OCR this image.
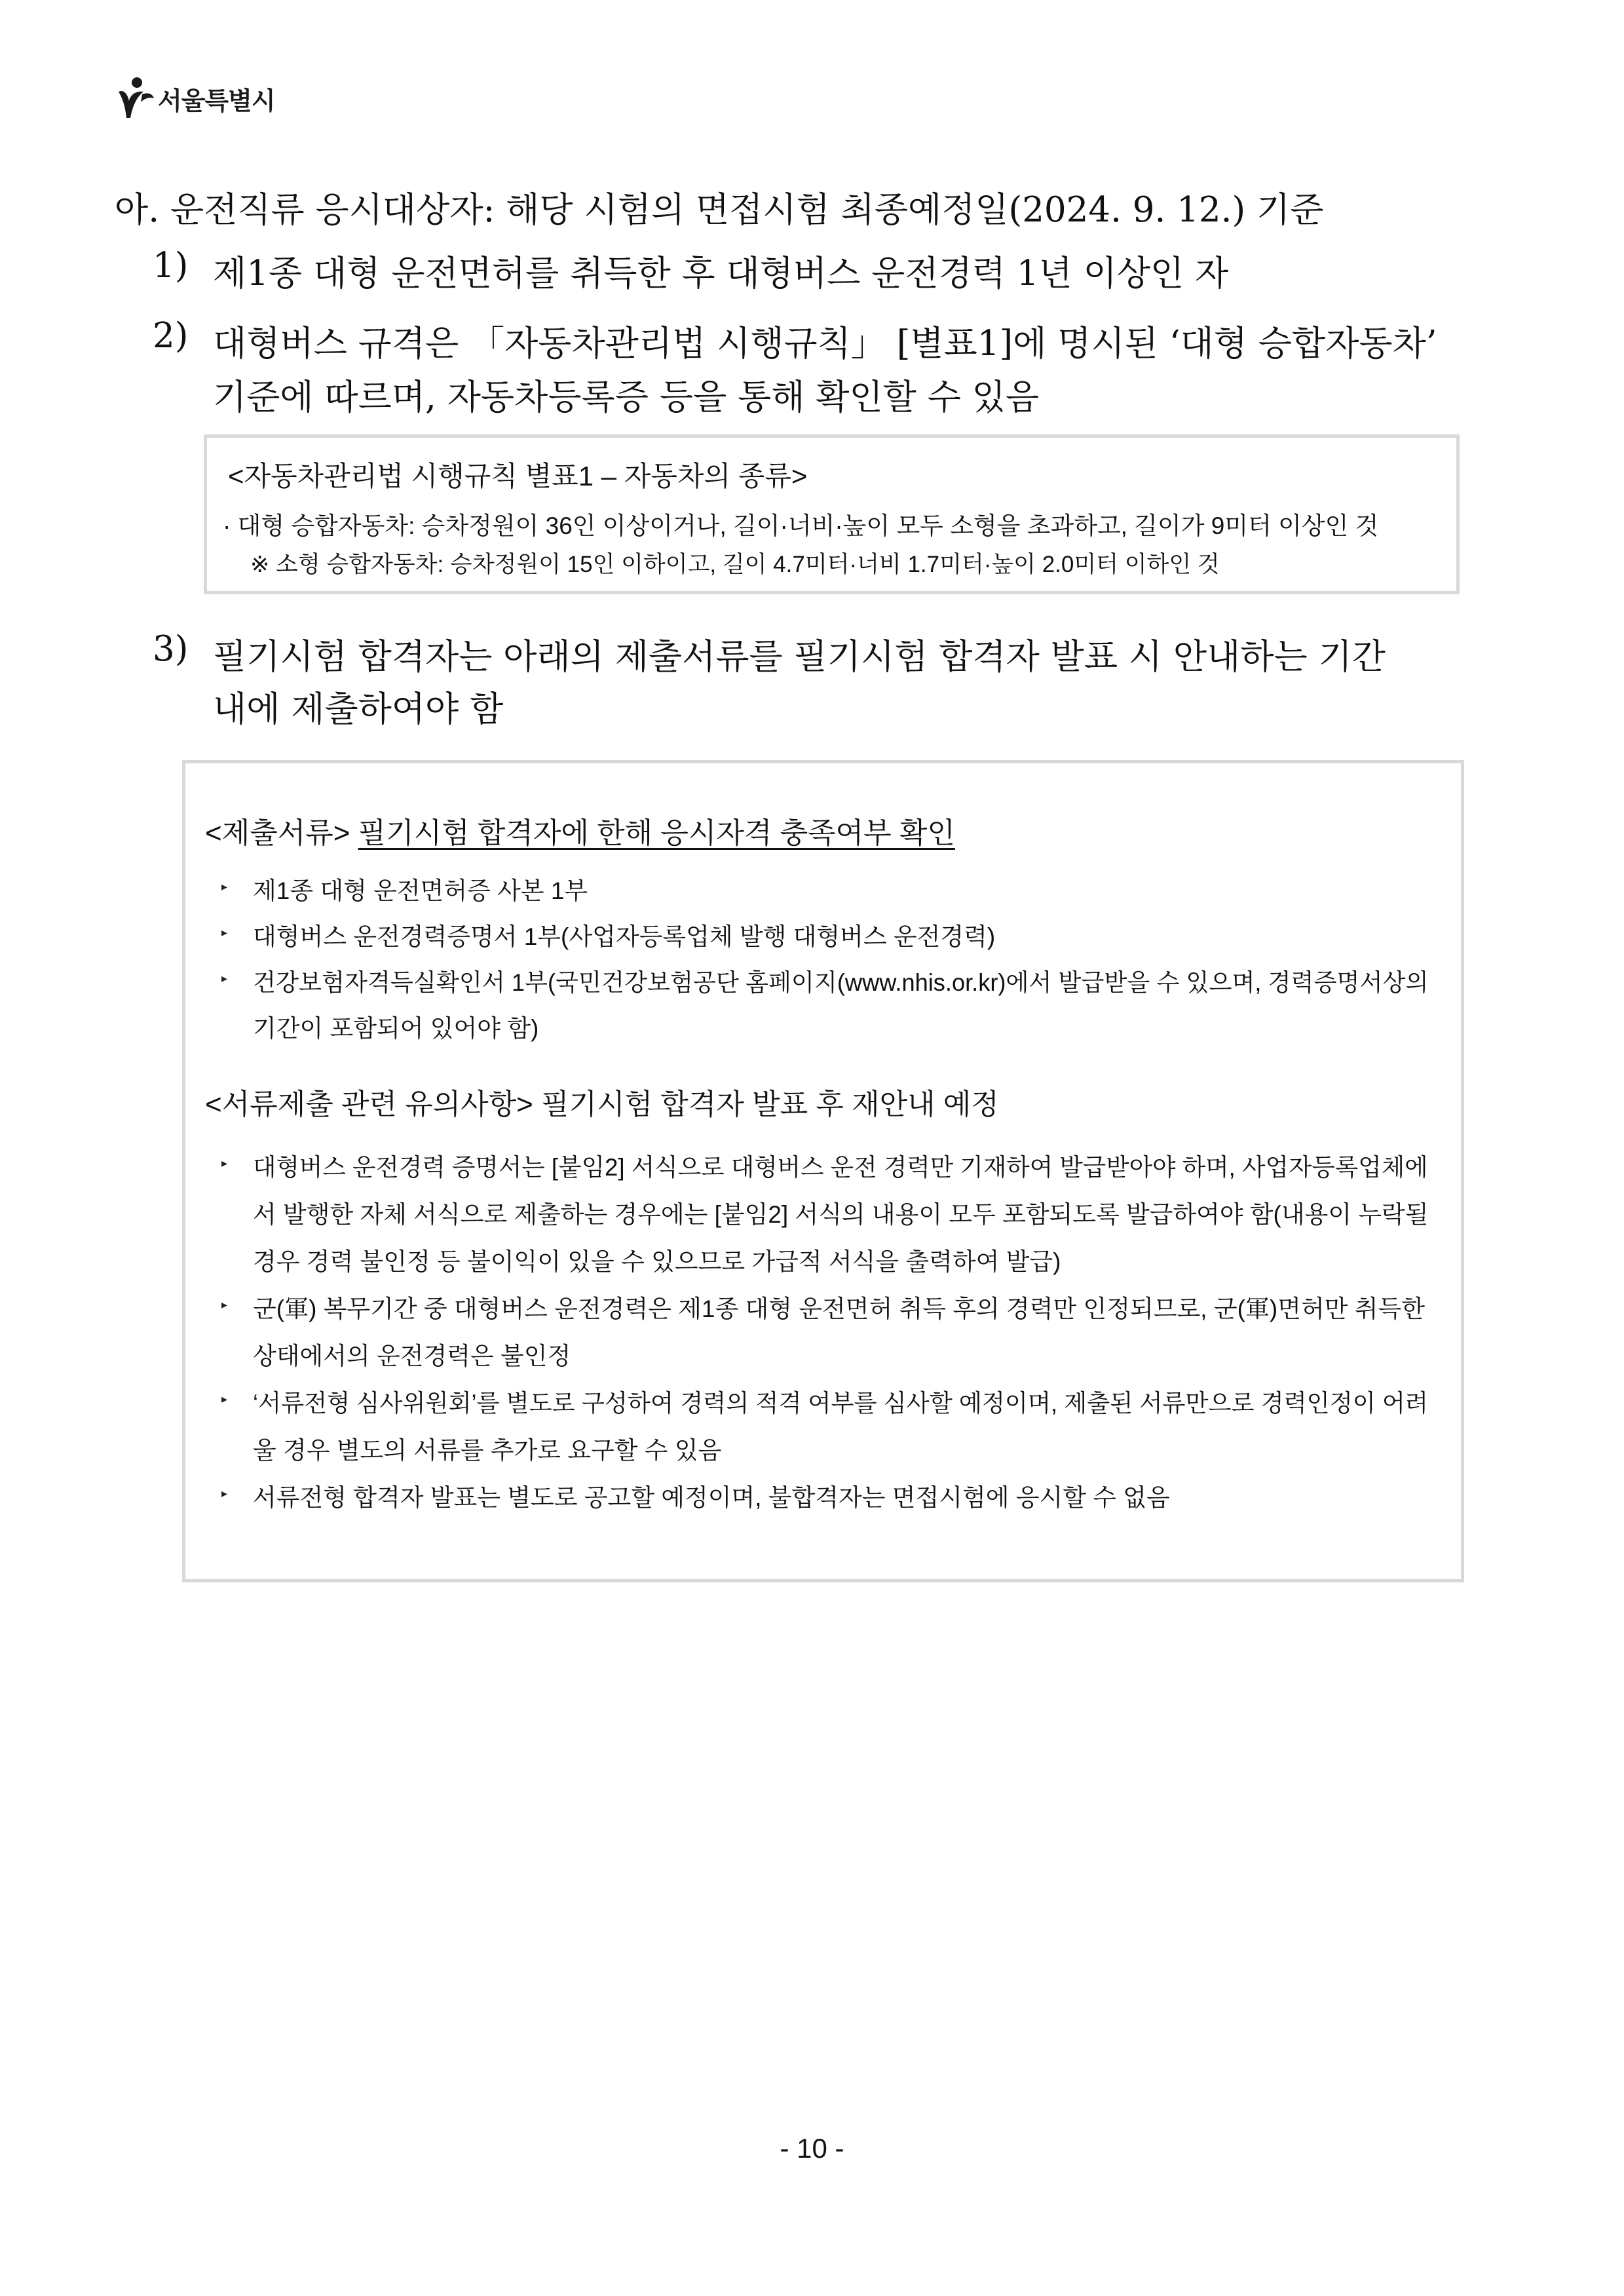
서울특별시
아. 운전직류 응시대상자: 해당 시험의 면접시험 최종예정일(2024. 9. 12.) 기준
1) 제1종 대형 운전면허를 취득한 후 대형버스 운전경력 1년 이상인 자
2) 대형버스 규격은 「자동차관리법 시행규칙」 [별표1]에 명시된 ‘대형 승합자동차’
기준에 따르며, 자동차등록증 등을 통해 확인할 수 있음
<자동차관리법 시행규칙 별표1 – 자동차의 종류>
· 대형 승합자동차: 승차정원이 36인 이상이거나, 길이·너비·높이 모두 소형을 초과하고, 길이가 9미터 이상인 것
※ 소형 승합자동차: 승차정원이 15인 이하이고, 길이 4.7미터·너비 1.7미터·높이 2.0미터 이하인 것
3) 필기시험 합격자는 아래의 제출서류를 필기시험 합격자 발표 시 안내하는 기간
내에 제출하여야 함
<제출서류> 필기시험 합격자에 한해 응시자격 충족여부 확인
▸ 제1종 대형 운전면허증 사본 1부
▸ 대형버스 운전경력증명서 1부(사업자등록업체 발행 대형버스 운전경력)
▸ 건강보험자격득실확인서 1부(국민건강보험공단 홈페이지(www.nhis.or.kr)에서 발급받을 수 있으며, 경력증명서상의
기간이 포함되어 있어야 함)
<서류제출 관련 유의사항> 필기시험 합격자 발표 후 재안내 예정
▸ 대형버스 운전경력 증명서는 [붙임2] 서식으로 대형버스 운전 경력만 기재하여 발급받아야 하며, 사업자등록업체에
서 발행한 자체 서식으로 제출하는 경우에는 [붙임2] 서식의 내용이 모두 포함되도록 발급하여야 함(내용이 누락될
경우 경력 불인정 등 불이익이 있을 수 있으므로 가급적 서식을 출력하여 발급)
▸ 군(軍) 복무기간 중 대형버스 운전경력은 제1종 대형 운전면허 취득 후의 경력만 인정되므로, 군(軍)면허만 취득한
상태에서의 운전경력은 불인정
▸ ‘서류전형 심사위원회’를 별도로 구성하여 경력의 적격 여부를 심사할 예정이며, 제출된 서류만으로 경력인정이 어려
울 경우 별도의 서류를 추가로 요구할 수 있음
▸ 서류전형 합격자 발표는 별도로 공고할 예정이며, 불합격자는 면접시험에 응시할 수 없음
- 10 -
